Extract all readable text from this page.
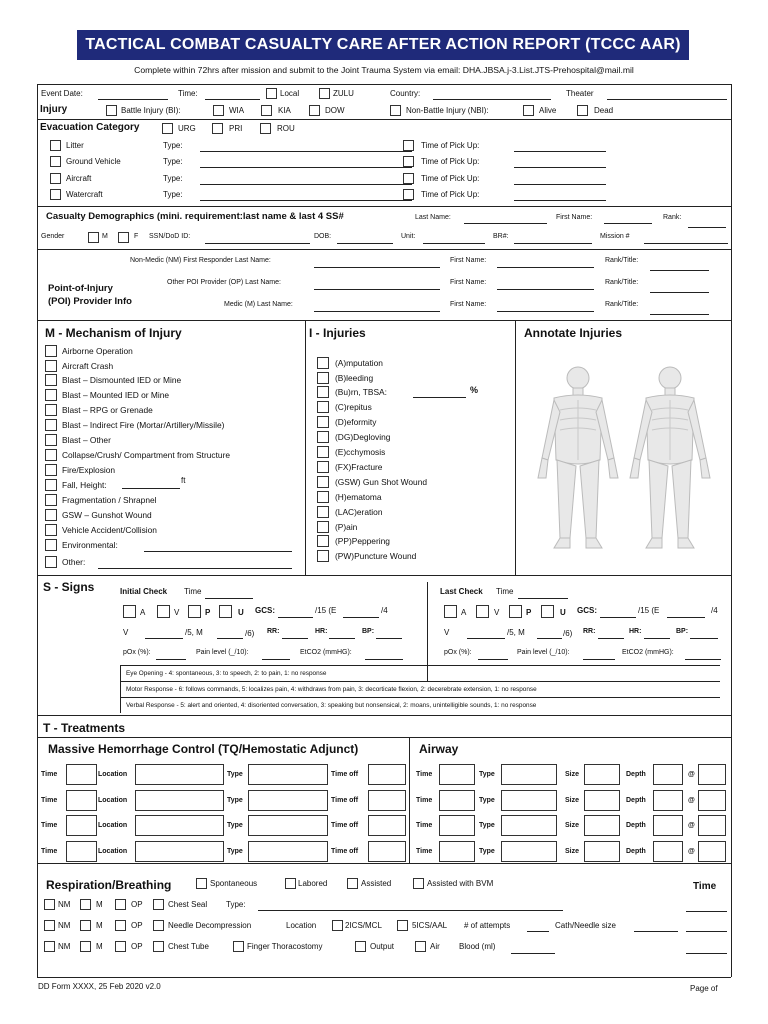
TACTICAL COMBAT CASUALTY CARE AFTER ACTION REPORT (TCCC AAR)
Complete within 72hrs after mission and submit to the Joint Trauma System via email: DHA.JBSA.j-3.List.JTS-Prehospital@mail.mil
Event Date:	Time:	Local	ZULU	Country:	Theater
Injury	Battle Injury (BI):	WIA	KIA	DOW	Non-Battle Injury (NBI):	Alive	Dead
Evacuation Category	URG	PRI	ROU
Litter	Type:	Time of Pick Up:
Ground Vehicle	Type:	Time of Pick Up:
Aircraft	Type:	Time of Pick Up:
Watercraft	Type:	Time of Pick Up:
Casualty Demographics (mini. requirement:last name & last 4 SS#	Last Name:	First Name:	Rank:
Gender	M	F SSN/DoD ID:	DOB:	Unit:	BR#:	Mission #
Point-of-Injury
(POI) Provider Info
Non-Medic (NM) First Responder Last Name:	First Name:	Rank/Title:
Other POI Provider (OP) Last Name:	First Name:	Rank/Title:
Medic (M) Last Name:	First Name:	Rank/Title:
M - Mechanism of Injury	I - Injuries	Annotate Injuries
Airborne Operation
Aircraft Crash
Blast – Dismounted IED or Mine
Blast – Mounted IED or Mine
Blast – RPG or Grenade
Blast – Indirect Fire (Mortar/Artillery/Missile)
Blast – Other
Collapse/Crush/ Compartment from Structure
Fire/Explosion
Fall, Height:
Fragmentation / Shrapnel
GSW – Gunshot Wound
Vehicle Accident/Collision
Environmental:
Other:
ft
(A)mputation
(B)leeding
(Bu)rn, TBSA:
(C)repitus
(D)eformity
(DG)Degloving
(E)cchymosis
(FX)Fracture
(GSW) Gun Shot Wound
(H)ematoma
(LAC)eration
(P)ain
(PP)Peppering
(PW)Puncture Wound
%
S - Signs	Initial Check Time
A	V	P	U GCS:	/15 (E	/4
V	/5, M	/6) RR:	HR:	BP:
pOx (%):	Pain level (_/10):	EtCO2 (mmHG):
Last Check Time
A	V	P	U GCS:	/15 (E	/4
V	/5, M	/6) RR:	HR:	BP:
pOx (%):	Pain level (_/10):	EtCO2 (mmHG):
Eye Opening - 4: spontaneous, 3: to speech, 2: to pain, 1: no response
Motor Response - 6: follows commands, 5: localizes pain, 4: withdraws from pain, 3: decorticate flexion, 2: decerebrate extension, 1: no response
Verbal Response - 5: alert and oriented, 4: disoriented conversation, 3: speaking but nonsensical, 2: moans, unintelligible sounds, 1: no response
T - Treatments
Massive Hemorrhage Control (TQ/Hemostatic Adjunct)	Airway
Time	Location	Type	Time off	Time	Type	Size	Depth	@
Time	Location	Type	Time off	Time	Type	Size	Depth	@
Time	Location	Type	Time off	Time	Type	Size	Depth	@
Time	Location	Type	Time off	Time	Type	Size	Depth	@
Respiration/Breathing	Spontaneous	Labored	Assisted	Assisted with BVM	Time
NM	M	OP	Chest Seal Type:
NM	M	OP	Needle Decompression	Location	2ICS/MCL	5ICS/AAL # of attempts	Cath/Needle size
NM	M	OP	Chest Tube	Finger Thoracostomy	Output	Air Blood (ml)
DD Form XXXX, 25 Feb 2020 v2.0	Page of
